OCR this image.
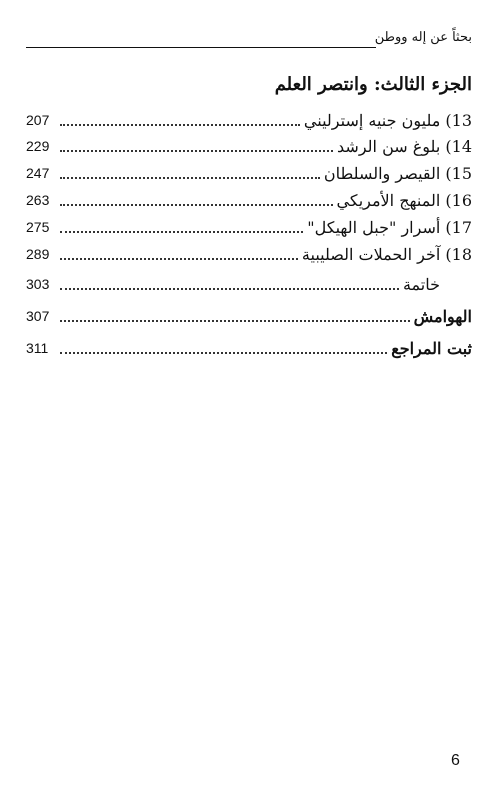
بحثاً عن إله ووطن
الجزء الثالث: وانتصر العلم
13) مليون جنيه إسترليني
207
14) بلوغ سن الرشد
229
15) القيصر والسلطان
247
16) المنهج الأمريكي
263
17) أسرار "جبل الهيكل"
275
18) آخر الحملات الصليبية
289
خاتمة
303
الهوامش
307
ثبت المراجع
311
6
